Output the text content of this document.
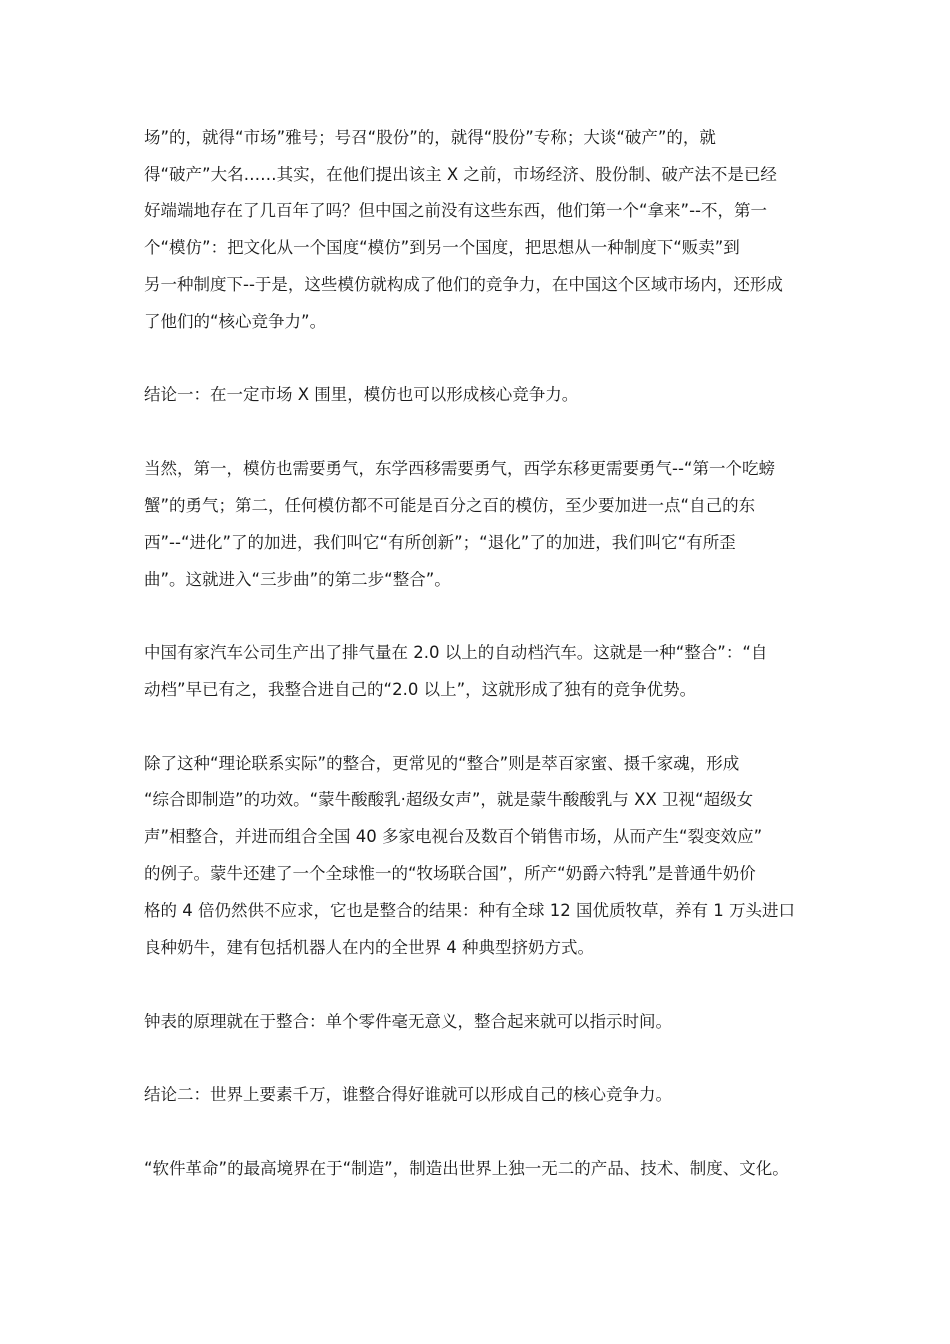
场”的，就得“市场”雅号；号召“股份”的，就得“股份”专称；大谈“破产”的，就
得“破产”大名……其实，在他们提出该主 X 之前，市场经济、股份制、破产法不是已经
好端端地存在了几百年了吗？但中国之前没有这些东西，他们第一个“拿来”--不，第一
个“模仿”：把文化从一个国度“模仿”到另一个国度，把思想从一种制度下“贩卖”到
另一种制度下--于是，这些模仿就构成了他们的竞争力，在中国这个区域市场内，还形成
了他们的“核心竞争力”。
结论一：在一定市场 X 围里，模仿也可以形成核心竞争力。
当然，第一，模仿也需要勇气，东学西移需要勇气，西学东移更需要勇气--“第一个吃螃
蟹”的勇气；第二，任何模仿都不可能是百分之百的模仿，至少要加进一点“自己的东
西”--“进化”了的加进，我们叫它“有所创新”；“退化”了的加进，我们叫它“有所歪
曲”。这就进入“三步曲”的第二步“整合”。
中国有家汽车公司生产出了排气量在 2.0 以上的自动档汽车。这就是一种“整合”：“自
动档”早已有之，我整合进自己的“2.0 以上”，这就形成了独有的竞争优势。
除了这种“理论联系实际”的整合，更常见的“整合”则是萃百家蜜、摄千家魂，形成
“综合即制造”的功效。“蒙牛酸酸乳·超级女声”，就是蒙牛酸酸乳与 XX 卫视“超级女
声”相整合，并进而组合全国 40 多家电视台及数百个销售市场，从而产生“裂变效应”
的例子。蒙牛还建了一个全球惟一的“牧场联合国”，所产“奶爵六特乳”是普通牛奶价
格的 4 倍仍然供不应求，它也是整合的结果：种有全球 12 国优质牧草，养有 1 万头进口
良种奶牛，建有包括机器人在内的全世界 4 种典型挤奶方式。
钟表的原理就在于整合：单个零件毫无意义，整合起来就可以指示时间。
结论二：世界上要素千万，谁整合得好谁就可以形成自己的核心竞争力。
“软件革命”的最高境界在于“制造”，制造出世界上独一无二的产品、技术、制度、文化。
